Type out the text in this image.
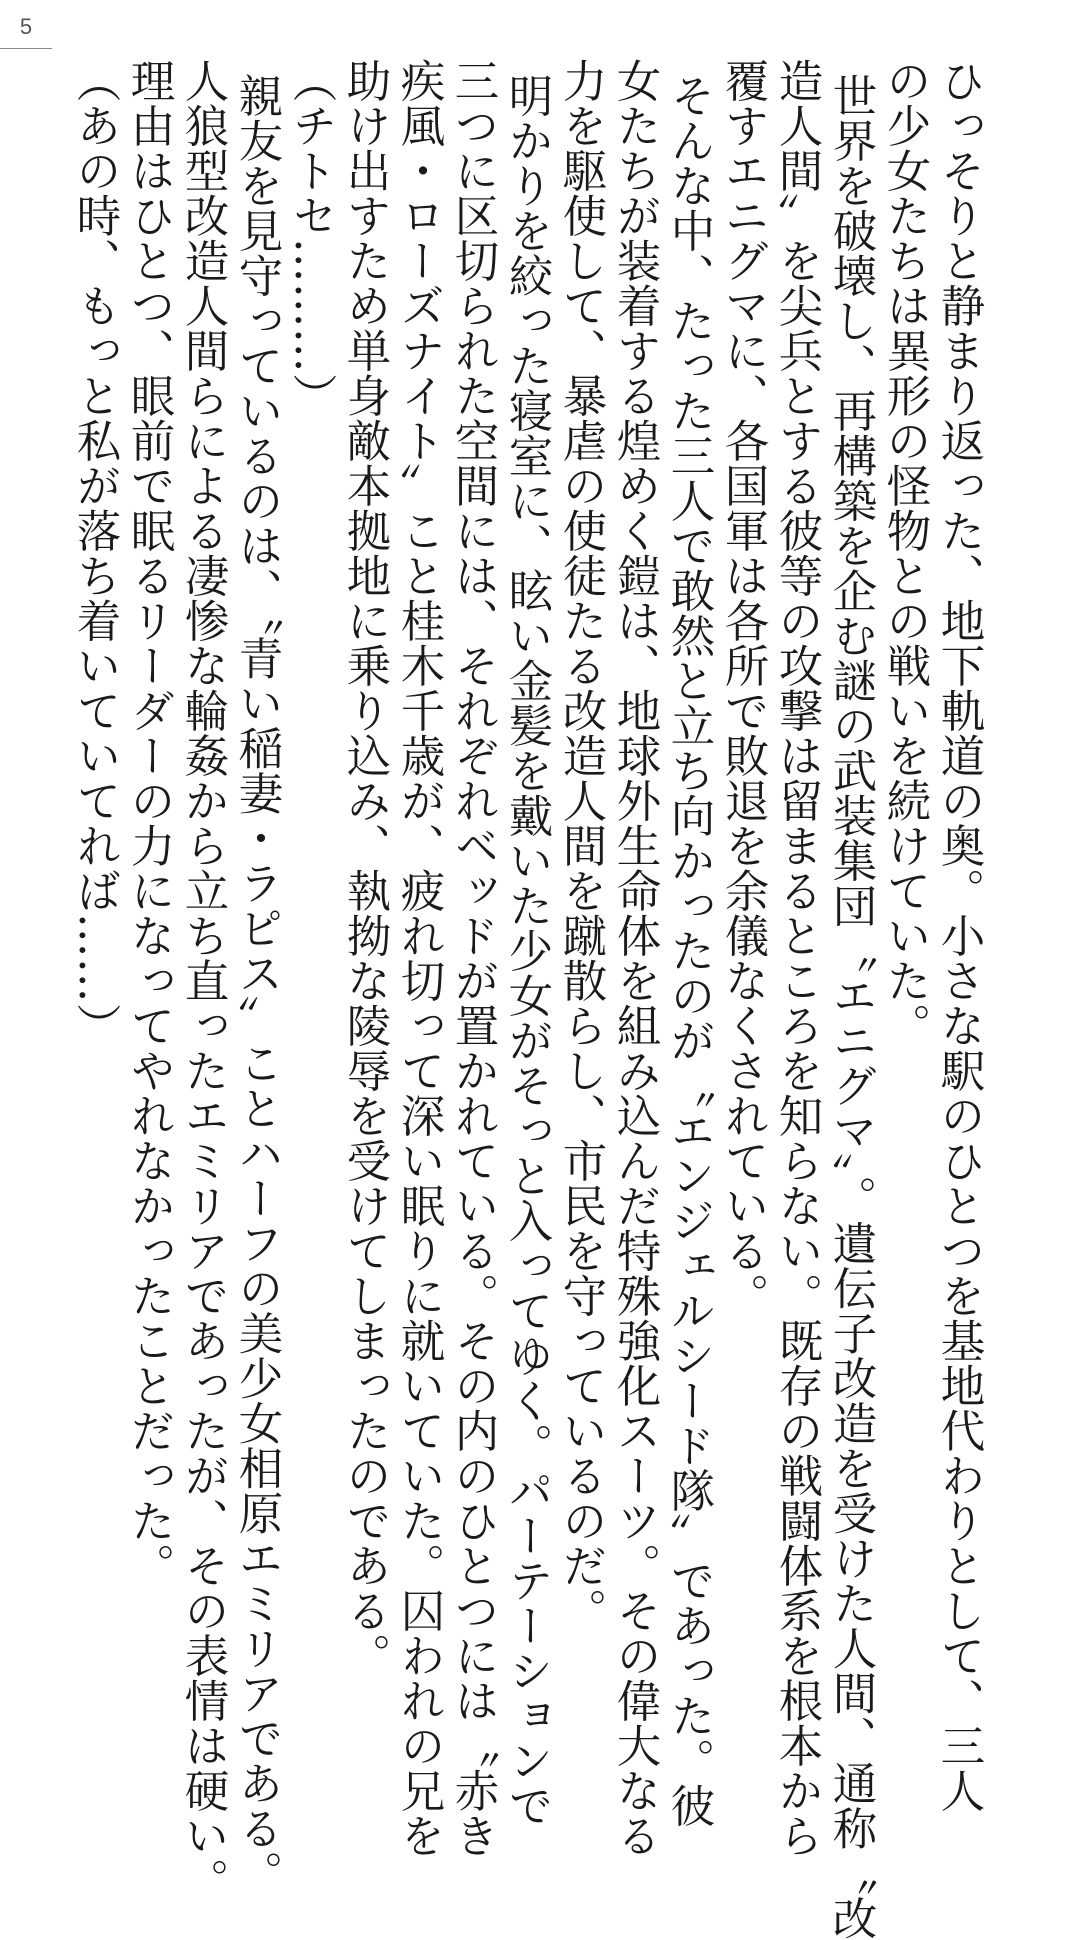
5

ひっそりと静まり返った、地下軌道の奥。小さな駅のひとつを基地代わりとして、三人

の少女たちは異形の怪物との戦いを続けていた。

世界を破壊し、再構築を企む謎の武装集団〝エニグマ〟。遺伝子改造を受けた人間、通称〝改

造人間〟を尖兵とする彼等の攻撃は留まるところを知らない。既存の戦闘体系を根本から

覆すエニグマに、各国軍は各所で敗退を余儀なくされている。

そんな中、たった三人で敢然と立ち向かったのが〝エンジェルシード隊〟であった。彼

女たちが装着する煌めく鎧は、地球外生命体を組み込んだ特殊強化スーツ。その偉大なる

力を駆使して、暴虐の使徒たる改造人間を蹴散らし、市民を守っているのだ。

明かりを絞った寝室に、眩い金髪を戴いた少女がそっと入ってゆく。パーテーションで

三つに区切られた空間には、それぞれベッドが置かれている。その内のひとつには〝赤き

疾風・ローズナイト〟こと桂木千歳が、疲れ切って深い眠りに就いていた。囚われの兄を

助け出すため単身敵本拠地に乗り込み、執拗な陵辱を受けてしまったのである。

（チトセ………）

親友を見守っているのは、〝青い稲妻・ラピス〟ことハーフの美少女相原エミリアである。

人狼型改造人間らによる凄惨な輪姦から立ち直ったエミリアであったが、その表情は硬い。

理由はひとつ、眼前で眠るリーダーの力になってやれなかったことだった。

（あの時、もっと私が落ち着いていてれば……）
